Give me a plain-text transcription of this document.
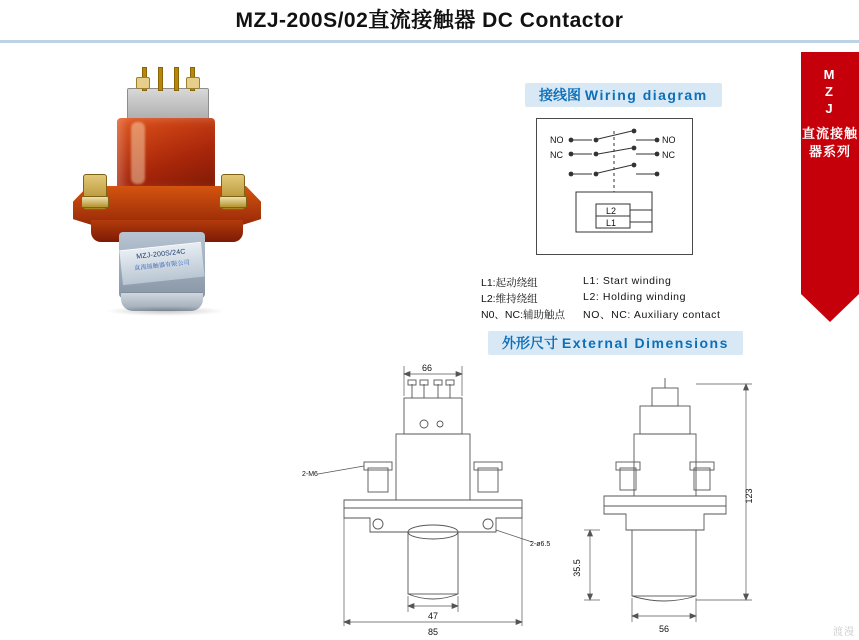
MZJ-200S/02直流接触器 DC Contactor
M
Z
J
直流接触器系列
MZJ-200S/24C
直流接触器有限公司
接线图 Wiring diagram
NO
NC
NO
NC
L2
L1
L1:起动绕组	L1: Start winding
L2:维持绕组	L2: Holding winding
N0、NC:辅助触点	NO、NC: Auxiliary contact
外形尺寸 External Dimensions
66
47
85
2-M6
2-ø6.5
123
35.5
56	渡漫
